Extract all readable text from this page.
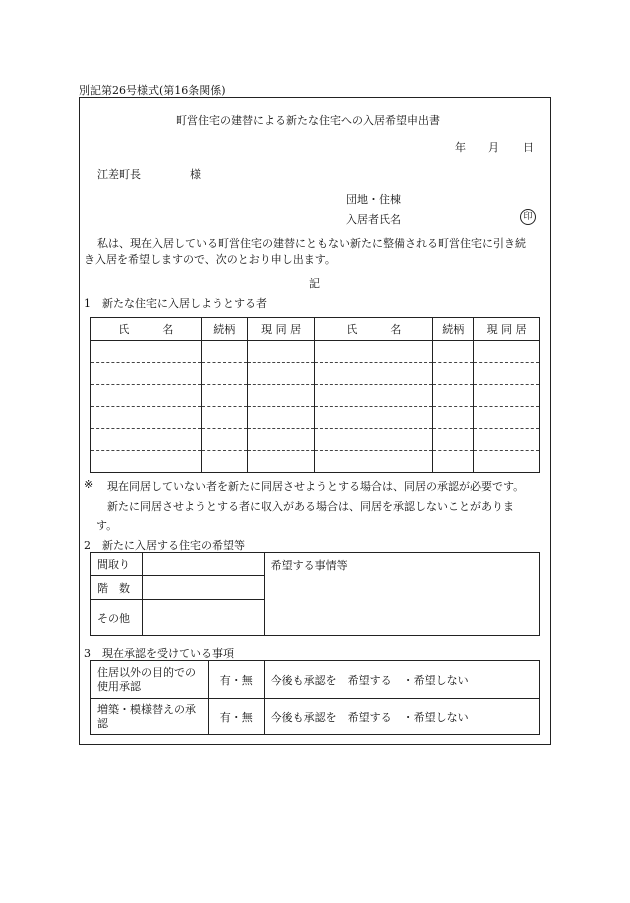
別記第26号様式(第16条関係)
町営住宅の建替による新たな住宅への入居希望申出書
年 月 日
江差町長	様
団地・住棟
入居者氏名	印
私は、現在入居している町営住宅の建替にともない新たに整備される町営住宅に引き続
き入居を希望しますので、次のとおり申し出ます。
記
1　新たな住宅に入居しようとする者
氏　　　名	続柄	現 同 居	氏　　　名	続柄	現 同 居

※ 現在同居していない者を新たに同居させようとする場合は、同居の承認が必要です。
新たに同居させようとする者に収入がある場合は、同居を承認しないことがありま
す。
2　新たに入居する住宅の希望等
間取り		希望する事情等
階　数		
その他		
3　現在承認を受けている事項
住居以外の目的での
使用承認	有・無	今後も承認を　希望する　・希望しない
増築・模様替えの承
認	有・無	今後も承認を　希望する　・希望しない
